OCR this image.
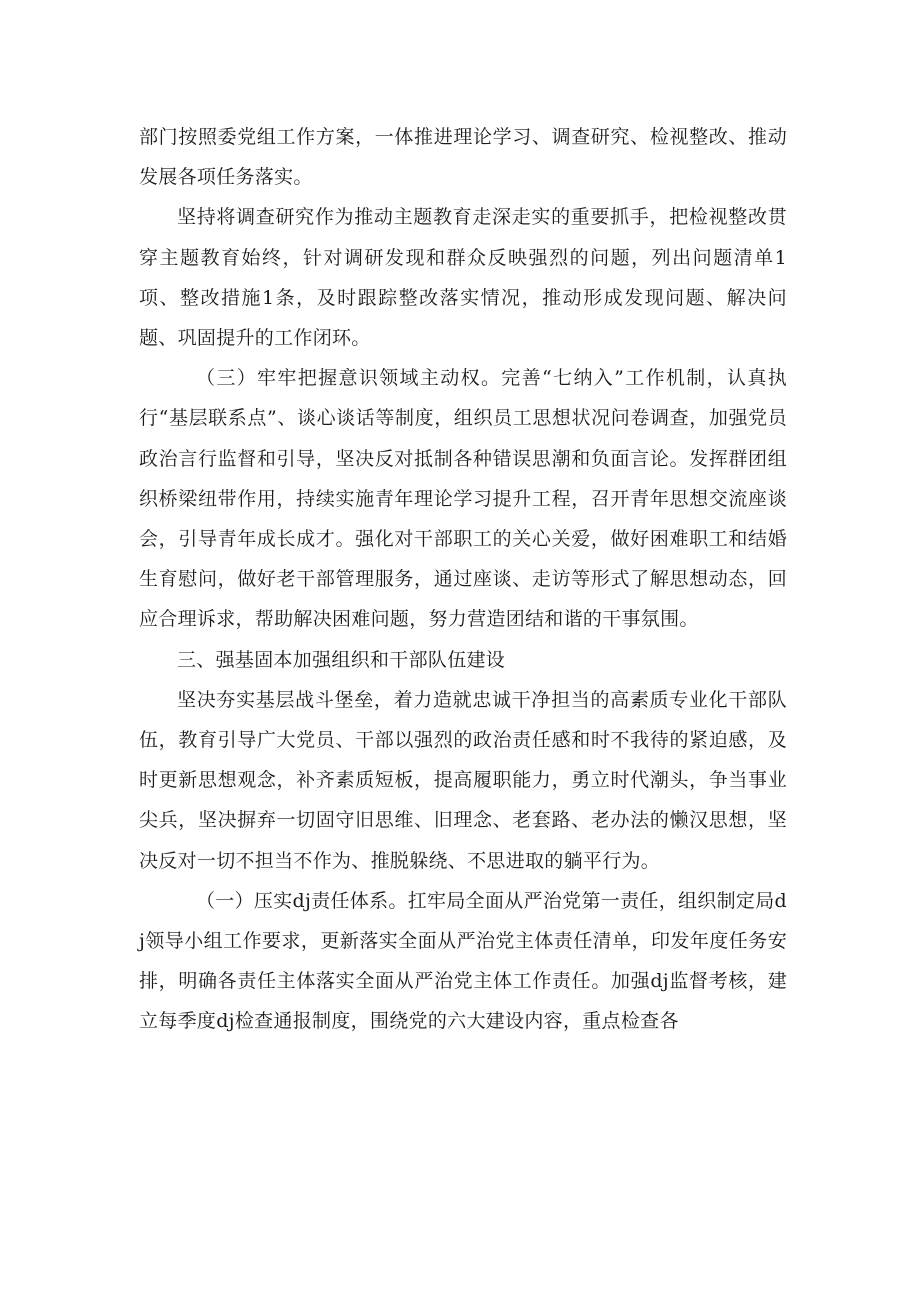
部门按照委党组工作方案，一体推进理论学习、调查研究、检视整改、推动发展各项任务落实。

坚持将调查研究作为推动主题教育走深走实的重要抓手，把检视整改贯穿主题教育始终，针对调研发现和群众反映强烈的问题，列出问题清单1项、整改措施1条，及时跟踪整改落实情况，推动形成发现问题、解决问题、巩固提升的工作闭环。

（三）牢牢把握意识领域主动权。完善“七纳入”工作机制，认真执行“基层联系点”、谈心谈话等制度，组织员工思想状况问卷调查，加强党员政治言行监督和引导，坚决反对抵制各种错误思潮和负面言论。发挥群团组织桥梁纽带作用，持续实施青年理论学习提升工程，召开青年思想交流座谈会，引导青年成长成才。强化对干部职工的关心关爱，做好困难职工和结婚生育慰问，做好老干部管理服务，通过座谈、走访等形式了解思想动态，回应合理诉求，帮助解决困难问题，努力营造团结和谐的干事氛围。

三、强基固本加强组织和干部队伍建设

坚决夯实基层战斗堡垒，着力造就忠诚干净担当的高素质专业化干部队伍，教育引导广大党员、干部以强烈的政治责任感和时不我待的紧迫感，及时更新思想观念，补齐素质短板，提高履职能力，勇立时代潮头，争当事业尖兵，坚决摒弃一切固守旧思维、旧理念、老套路、老办法的懒汉思想，坚决反对一切不担当不作为、推脱躲绕、不思进取的躺平行为。

（一）压实dj责任体系。扛牢局全面从严治党第一责任，组织制定局dj领导小组工作要求，更新落实全面从严治党主体责任清单，印发年度任务安排，明确各责任主体落实全面从严治党主体工作责任。加强dj监督考核，建立每季度dj检查通报制度，围绕党的六大建设内容，重点检查各
